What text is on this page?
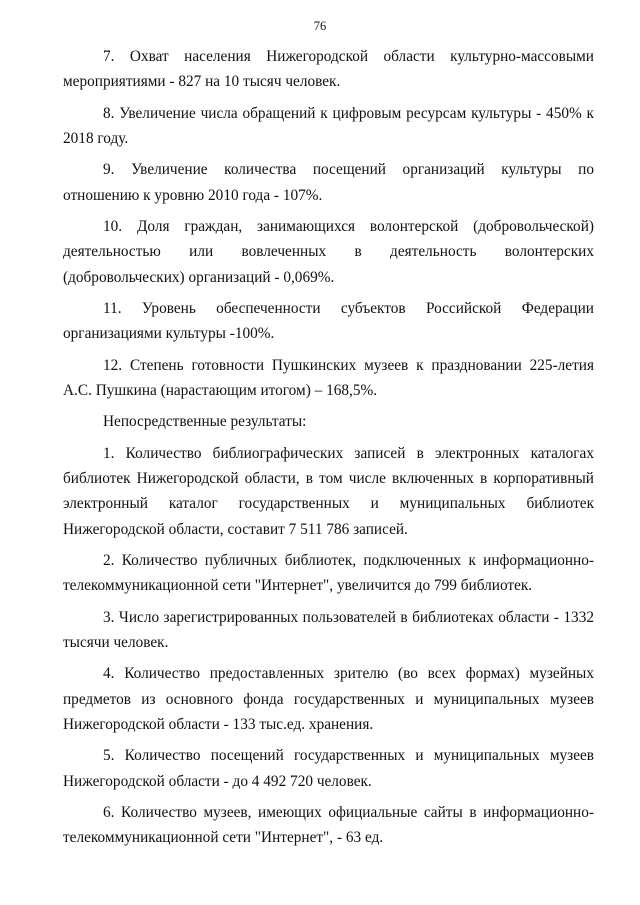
76

7. Охват населения Нижегородской области культурно-массовыми мероприятиями - 827 на 10 тысяч человек.

8. Увеличение числа обращений к цифровым ресурсам культуры - 450% к 2018 году.

9. Увеличение количества посещений организаций культуры по отношению к уровню 2010 года - 107%.

10. Доля граждан, занимающихся волонтерской (добровольческой) деятельностью или вовлеченных в деятельность волонтерских (добровольческих) организаций - 0,069%.

11. Уровень обеспеченности субъектов Российской Федерации организациями культуры -100%.

12. Степень готовности Пушкинских музеев к праздновании 225-летия А.С. Пушкина (нарастающим итогом) – 168,5%.

Непосредственные результаты:

1. Количество библиографических записей в электронных каталогах библиотек Нижегородской области, в том числе включенных в корпоративный электронный каталог государственных и муниципальных библиотек Нижегородской области, составит 7 511 786 записей.

2. Количество публичных библиотек, подключенных к информационно-телекоммуникационной сети "Интернет", увеличится до 799 библиотек.

3. Число зарегистрированных пользователей в библиотеках области - 1332 тысячи человек.

4. Количество предоставленных зрителю (во всех формах) музейных предметов из основного фонда государственных и муниципальных музеев Нижегородской области - 133 тыс.ед. хранения.

5. Количество посещений государственных и муниципальных музеев Нижегородской области - до 4 492 720 человек.

6. Количество музеев, имеющих официальные сайты в информационно-телекоммуникационной сети "Интернет", - 63 ед.
